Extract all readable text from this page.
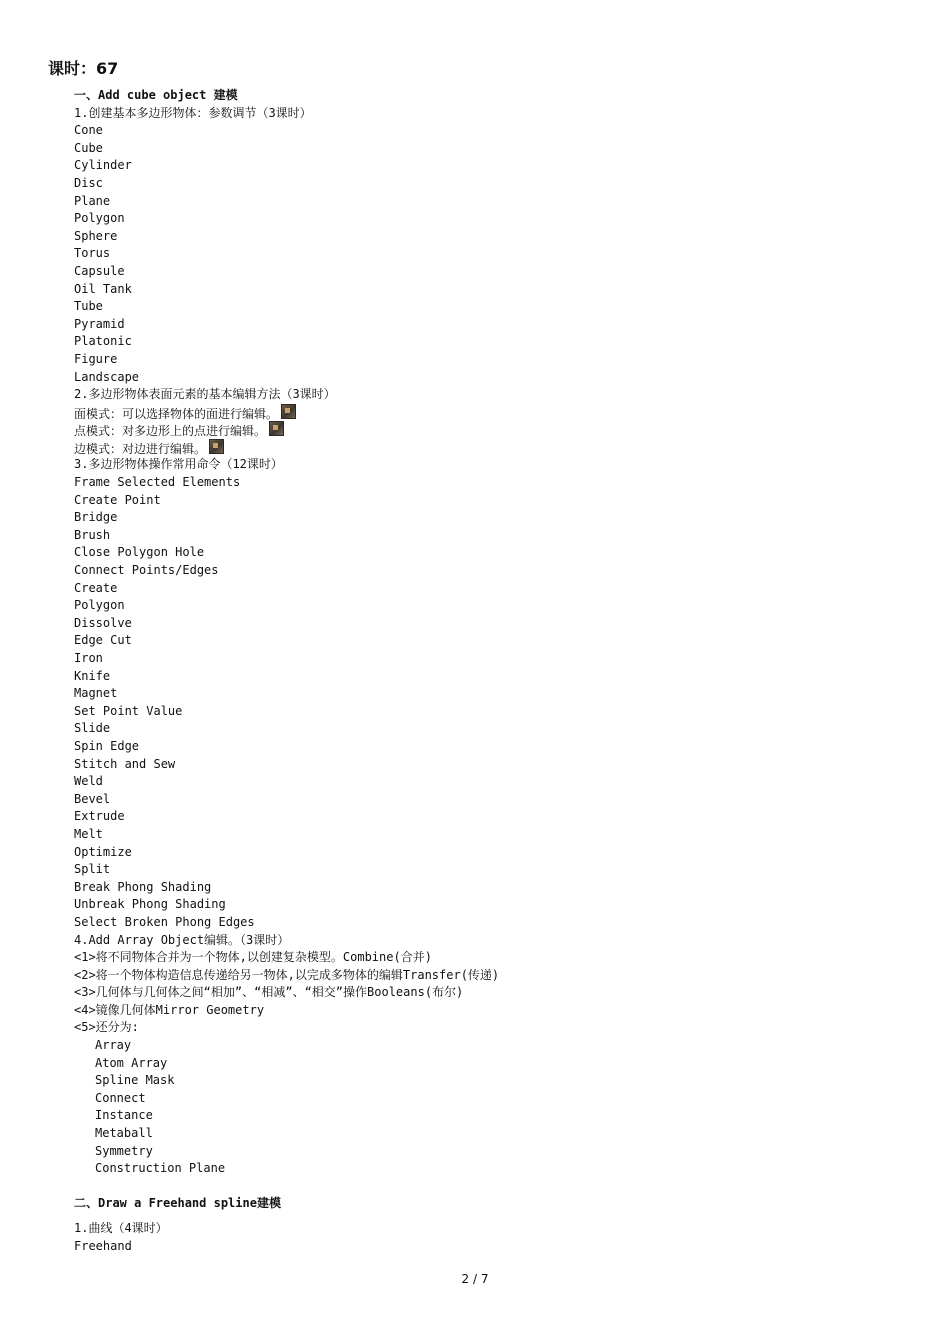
课时：67
一、Add cube object 建模
1.创建基本多边形物体：参数调节（3课时）
Cone
Cube
Cylinder
Disc
Plane
Polygon
Sphere
Torus
Capsule
Oil Tank
Tube
Pyramid
Platonic
Figure
Landscape
2.多边形物体表面元素的基本编辑方法（3课时）
面模式：可以选择物体的面进行编辑。
点模式：对多边形上的点进行编辑。
边模式：对边进行编辑。
3.多边形物体操作常用命令（12课时）
Frame Selected Elements
Create Point
Bridge
Brush
Close Polygon Hole
Connect Points/Edges
Create
Polygon
Dissolve
Edge Cut
Iron
Knife
Magnet
Set Point Value
Slide
Spin Edge
Stitch and Sew
Weld
Bevel
Extrude
Melt
Optimize
Split
Break Phong Shading
Unbreak Phong Shading
Select Broken Phong Edges
4.Add Array Object编辑。（3课时）
<1>将不同物体合并为一个物体,以创建复杂模型。Combine(合并)
<2>将一个物体构造信息传递给另一物体,以完成多物体的编辑Transfer(传递)
<3>几何体与几何体之间“相加”、“相减”、“相交”操作Booleans(布尔)
<4>镜像几何体Mirror Geometry
<5>还分为:
Array
Atom Array
Spline Mask
Connect
Instance
Metaball
Symmetry
Construction Plane
二、Draw a Freehand spline建模
1.曲线（4课时）
Freehand
2 / 7
